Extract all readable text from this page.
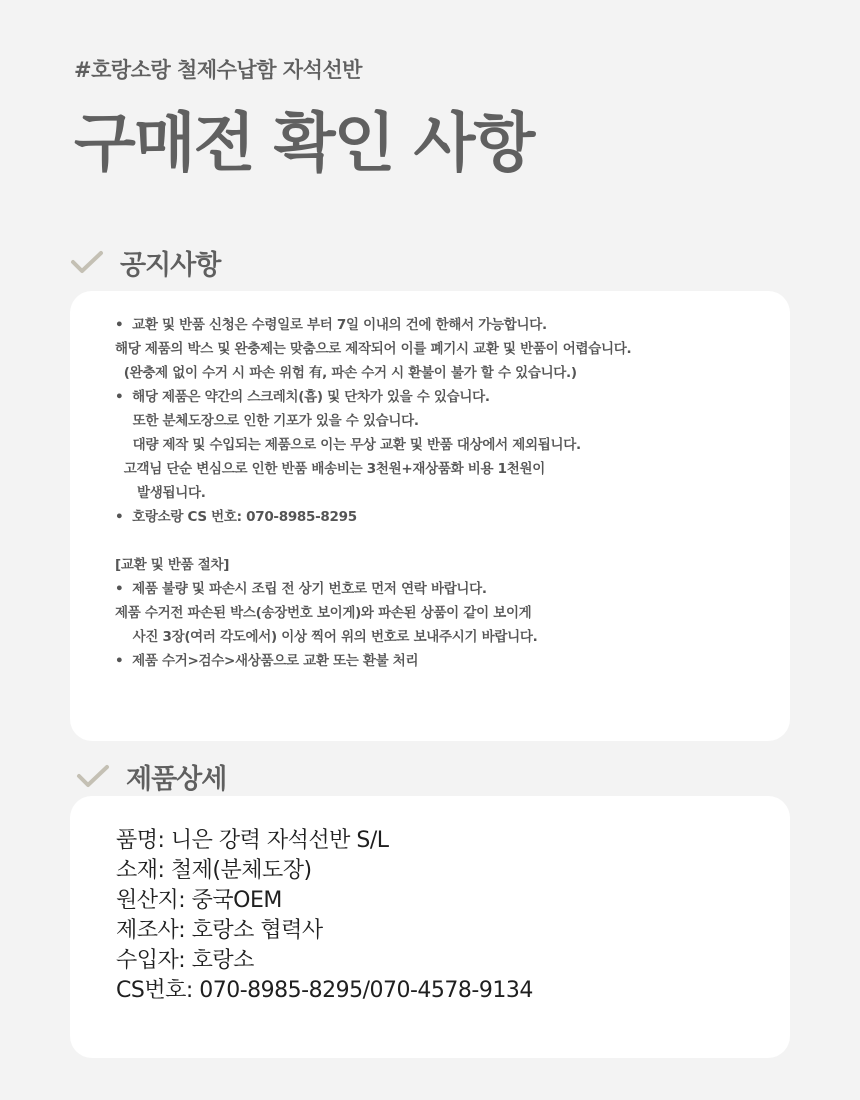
#호랑소랑 철제수납함 자석선반
구매전 확인 사항
공지사항
•  교환 및 반품 신청은 수령일로 부터 7일 이내의 건에 한해서 가능합니다.
해당 제품의 박스 및 완충제는 맞춤으로 제작되어 이를 폐기시 교환 및 반품이 어렵습니다.
(완충제 없이 수거 시 파손 위험 有, 파손 수거 시 환불이 불가 할 수 있습니다.)
•  해당 제품은 약간의 스크레치(흠) 및 단차가 있을 수 있습니다.
또한 분체도장으로 인한 기포가 있을 수 있습니다.
대량 제작 및 수입되는 제품으로 이는 무상 교환 및 반품 대상에서 제외됩니다.
고객님 단순 변심으로 인한 반품 배송비는 3천원+재상품화 비용 1천원이
발생됩니다.
•  호랑소랑 CS 번호: 070-8985-8295
[교환 및 반품 절차]
•  제품 불량 및 파손시 조립 전 상기 번호로 먼저 연락 바랍니다.
제품 수거전 파손된 박스(송장번호 보이게)와 파손된 상품이 같이 보이게
사진 3장(여러 각도에서) 이상 찍어 위의 번호로 보내주시기 바랍니다.
•  제품 수거>검수>새상품으로 교환 또는 환불 처리
제품상세
품명: 니은 강력 자석선반 S/L
소재: 철제(분체도장)
원산지: 중국OEM
제조사: 호랑소 협력사
수입자: 호랑소
CS번호: 070-8985-8295/070-4578-9134
